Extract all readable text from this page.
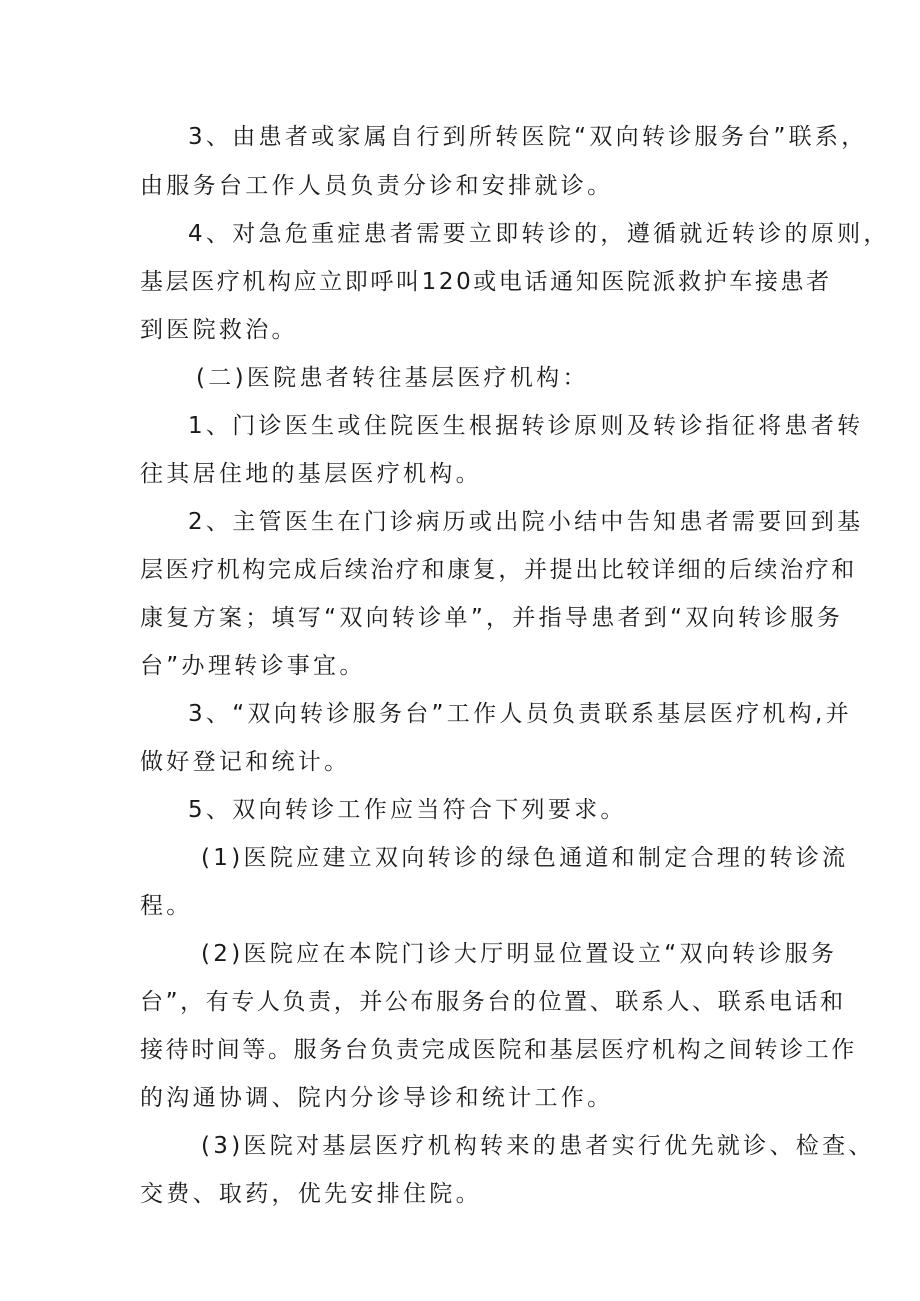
3、由患者或家属自行到所转医院“双向转诊服务台”联系，
由服务台工作人员负责分诊和安排就诊。
4、对急危重症患者需要立即转诊的，遵循就近转诊的原则，
基层医疗机构应立即呼叫120或电话通知医院派救护车接患者
到医院救治。
(二)医院患者转往基层医疗机构：
1、门诊医生或住院医生根据转诊原则及转诊指征将患者转
往其居住地的基层医疗机构。
2、主管医生在门诊病历或出院小结中告知患者需要回到基
层医疗机构完成后续治疗和康复，并提出比较详细的后续治疗和
康复方案；填写“双向转诊单”，并指导患者到“双向转诊服务
台”办理转诊事宜。
3、“双向转诊服务台”工作人员负责联系基层医疗机构,并
做好登记和统计。
5、双向转诊工作应当符合下列要求。
(1)医院应建立双向转诊的绿色通道和制定合理的转诊流
程。
(2)医院应在本院门诊大厅明显位置设立“双向转诊服务
台”，有专人负责，并公布服务台的位置、联系人、联系电话和
接待时间等。服务台负责完成医院和基层医疗机构之间转诊工作
的沟通协调、院内分诊导诊和统计工作。
(3)医院对基层医疗机构转来的患者实行优先就诊、检查、
交费、取药，优先安排住院。
